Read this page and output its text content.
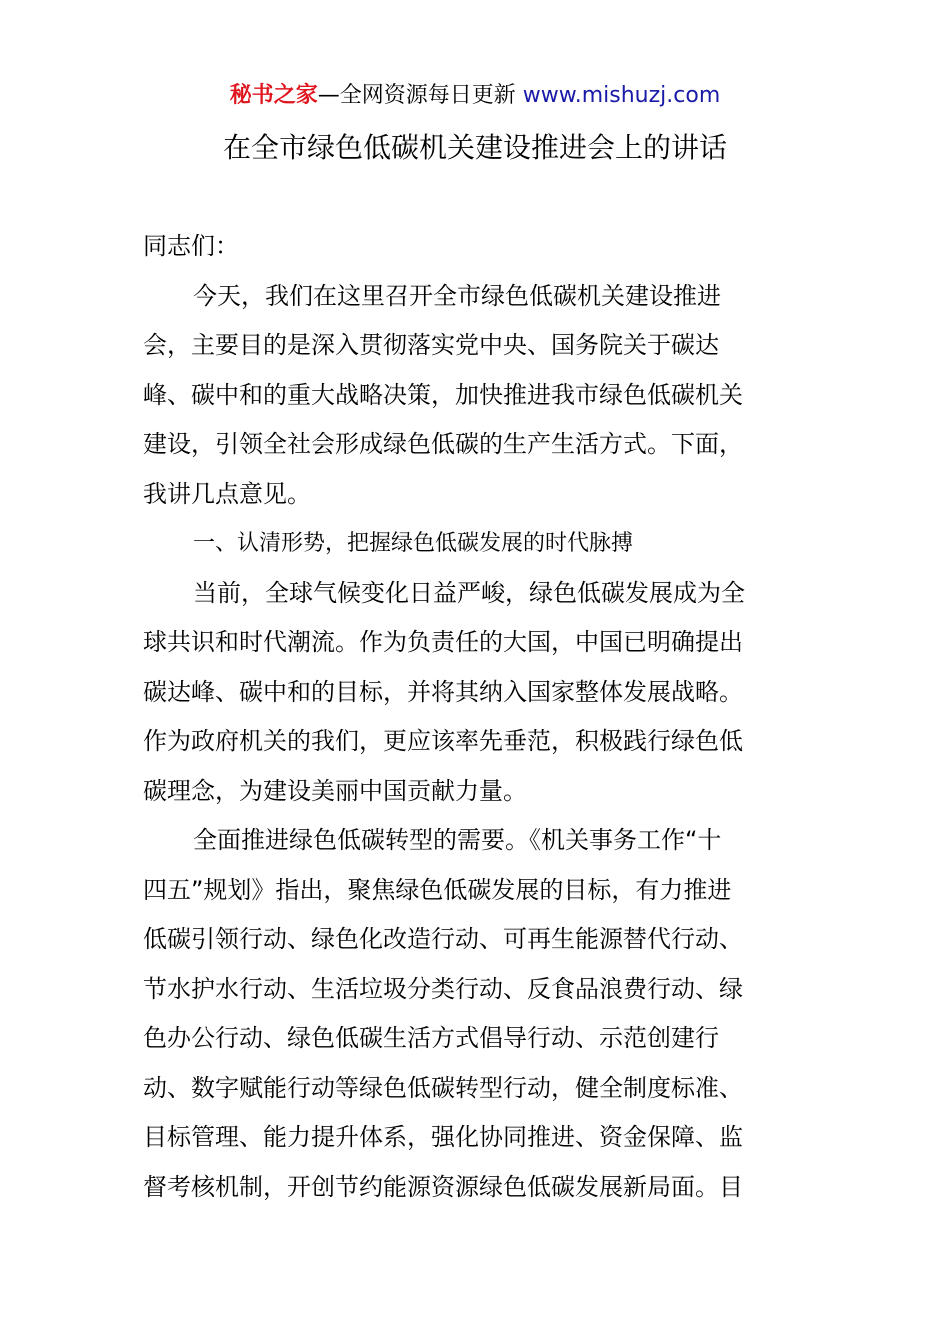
秘书之家—全网资源每日更新 www.mishuzj.com
在全市绿色低碳机关建设推进会上的讲话
同志们：
今天，我们在这里召开全市绿色低碳机关建设推进
会，主要目的是深入贯彻落实党中央、国务院关于碳达
峰、碳中和的重大战略决策，加快推进我市绿色低碳机关
建设，引领全社会形成绿色低碳的生产生活方式。下面，
我讲几点意见。
一、认清形势，把握绿色低碳发展的时代脉搏
当前，全球气候变化日益严峻，绿色低碳发展成为全
球共识和时代潮流。作为负责任的大国，中国已明确提出
碳达峰、碳中和的目标，并将其纳入国家整体发展战略。
作为政府机关的我们，更应该率先垂范，积极践行绿色低
碳理念，为建设美丽中国贡献力量。
全面推进绿色低碳转型的需要。《机关事务工作“十
四五”规划》指出，聚焦绿色低碳发展的目标，有力推进
低碳引领行动、绿色化改造行动、可再生能源替代行动、
节水护水行动、生活垃圾分类行动、反食品浪费行动、绿
色办公行动、绿色低碳生活方式倡导行动、示范创建行
动、数字赋能行动等绿色低碳转型行动，健全制度标准、
目标管理、能力提升体系，强化协同推进、资金保障、监
督考核机制，开创节约能源资源绿色低碳发展新局面。目
